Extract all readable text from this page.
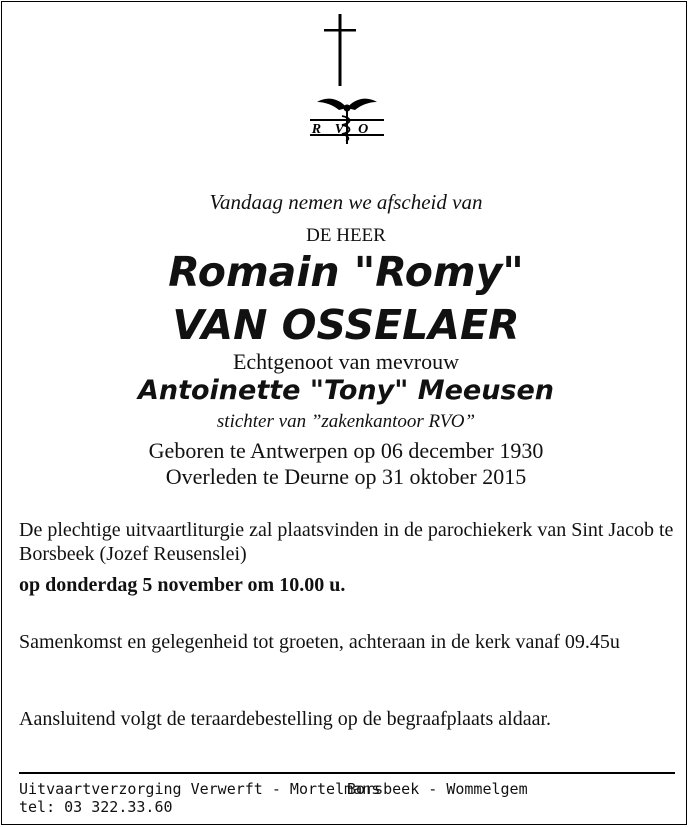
RVO
Vandaag nemen we afscheid van
DE HEER
Romain "Romy"
VAN OSSELAER
Echtgenoot van mevrouw
Antoinette "Tony" Meeusen
stichter van ”zakenkantoor RVO”
Geboren te Antwerpen op 06 december 1930
Overleden te Deurne op 31 oktober 2015
De plechtige uitvaartliturgie zal plaatsvinden in de parochiekerk van Sint Jacob te Borsbeek (Jozef Reusenslei)
op donderdag 5 november om 10.00 u.
Samenkomst en gelegenheid tot groeten, achteraan in de kerk vanaf 09.45u
Aansluitend volgt de teraardebestelling op de begraafplaats aldaar.
Uitvaartverzorging Verwerft - Mortelmans
Borsbeek - Wommelgem
tel: 03 322.33.60
